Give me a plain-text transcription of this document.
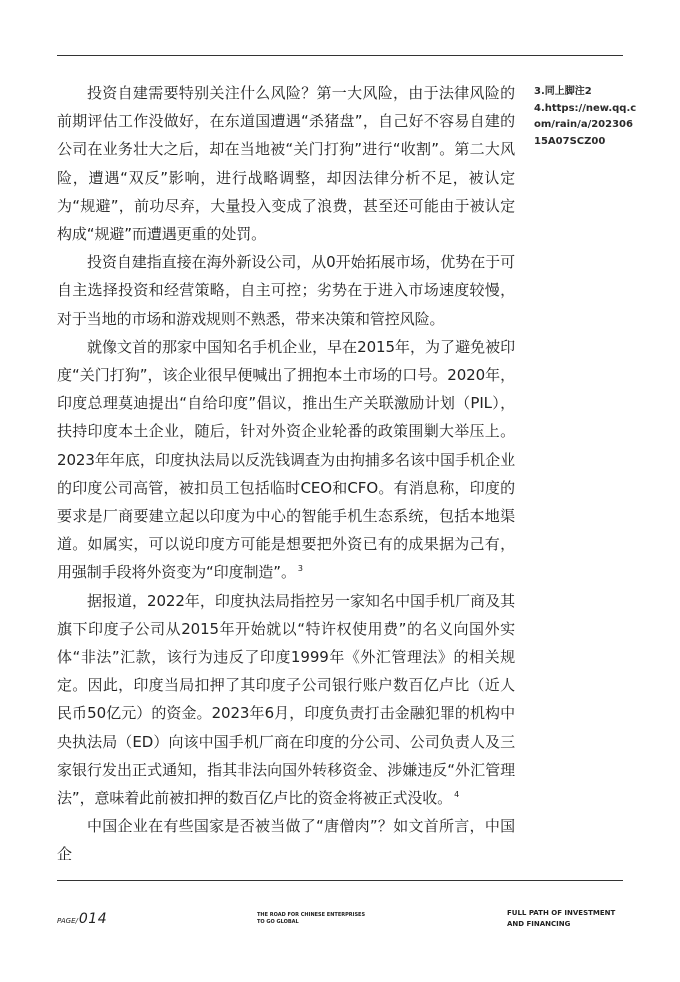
投资自建需要特别关注什么风险？第一大风险，由于法律风险的前期评估工作没做好，在东道国遭遇“杀猪盘”，自己好不容易自建的公司在业务壮大之后，却在当地被“关门打狗”进行“收割”。第二大风险，遭遇“双反”影响，进行战略调整，却因法律分析不足，被认定为“规避”，前功尽弃，大量投入变成了浪费，甚至还可能由于被认定构成“规避”而遭遇更重的处罚。

投资自建指直接在海外新设公司，从0开始拓展市场，优势在于可自主选择投资和经营策略，自主可控；劣势在于进入市场速度较慢，对于当地的市场和游戏规则不熟悉，带来决策和管控风险。

就像文首的那家中国知名手机企业，早在2015年，为了避免被印度“关门打狗”，该企业很早便喊出了拥抱本土市场的口号。2020年，印度总理莫迪提出“自给印度”倡议，推出生产关联激励计划（PIL），扶持印度本土企业，随后，针对外资企业轮番的政策围剿大举压上。2023年年底，印度执法局以反洗钱调查为由拘捕多名该中国手机企业的印度公司高管，被扣员工包括临时CEO和CFO。有消息称，印度的要求是厂商要建立起以印度为中心的智能手机生态系统，包括本地渠道。如属实，可以说印度方可能是想要把外资已有的成果据为己有，用强制手段将外资变为“印度制造”。 $^3$

据报道，2022年，印度执法局指控另一家知名中国手机厂商及其旗下印度子公司从2015年开始就以“特许权使用费”的名义向国外实体“非法”汇款，该行为违反了印度1999年《外汇管理法》的相关规定。因此，印度当局扣押了其印度子公司银行账户数百亿卢比（近人民币50亿元）的资金。2023年6月，印度负责打击金融犯罪的机构中央执法局（ED）向该中国手机厂商在印度的分公司、公司负责人及三家银行发出正式通知，指其非法向国外转移资金、涉嫌违反“外汇管理法”，意味着此前被扣押的数百亿卢比的资金将被正式没收。 $^4$

中国企业在有些国家是否被当做了“唐僧肉”？如文首所言，中国企

3.同上脚注2
4.https://new.qq.c
om/rain/a/202306
15A07SCZ00
PAGE/014	THE ROAD FOR CHINESE ENTERPRISES
TO GO GLOBAL
FULL PATH OF INVESTMENT
AND FINANCING
